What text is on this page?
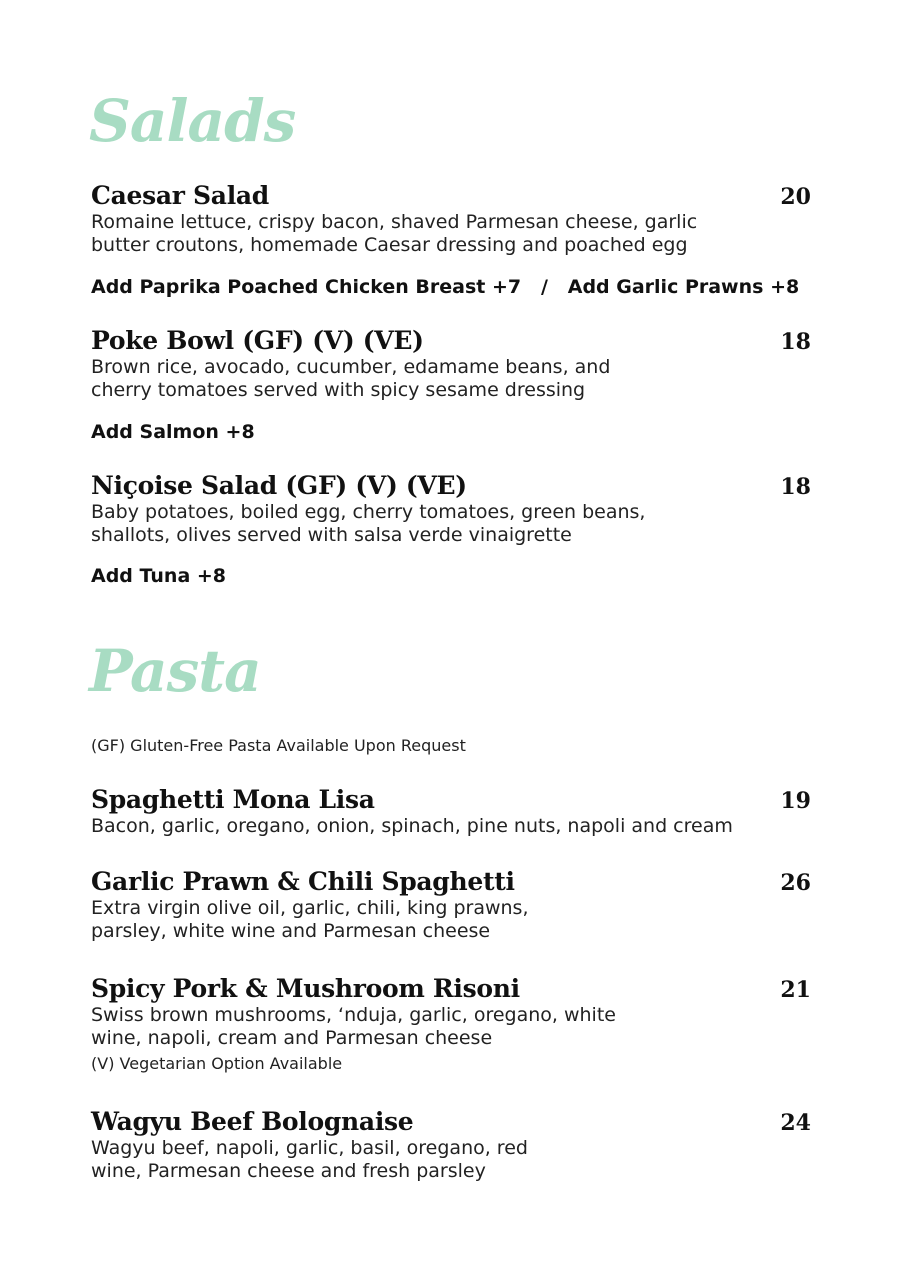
Salads
Caesar Salad	20
Romaine lettuce, crispy bacon, shaved Parmesan cheese, garlic
butter croutons, homemade Caesar dressing and poached egg
Add Paprika Poached Chicken Breast +7   /   Add Garlic Prawns +8
Poke Bowl (GF) (V) (VE)	18
Brown rice, avocado, cucumber, edamame beans, and
cherry tomatoes served with spicy sesame dressing
Add Salmon +8
Niçoise Salad (GF) (V) (VE)	18
Baby potatoes, boiled egg, cherry tomatoes, green beans,
shallots, olives served with salsa verde vinaigrette
Add Tuna +8
Pasta
(GF) Gluten-Free Pasta Available Upon Request
Spaghetti Mona Lisa	19
Bacon, garlic, oregano, onion, spinach, pine nuts, napoli and cream
Garlic Prawn & Chili Spaghetti	26
Extra virgin olive oil, garlic, chili, king prawns,
parsley, white wine and Parmesan cheese
Spicy Pork & Mushroom Risoni	21
Swiss brown mushrooms, ‘nduja, garlic, oregano, white
wine, napoli, cream and Parmesan cheese
(V) Vegetarian Option Available
Wagyu Beef Bolognaise	24
Wagyu beef, napoli, garlic, basil, oregano, red
wine, Parmesan cheese and fresh parsley
